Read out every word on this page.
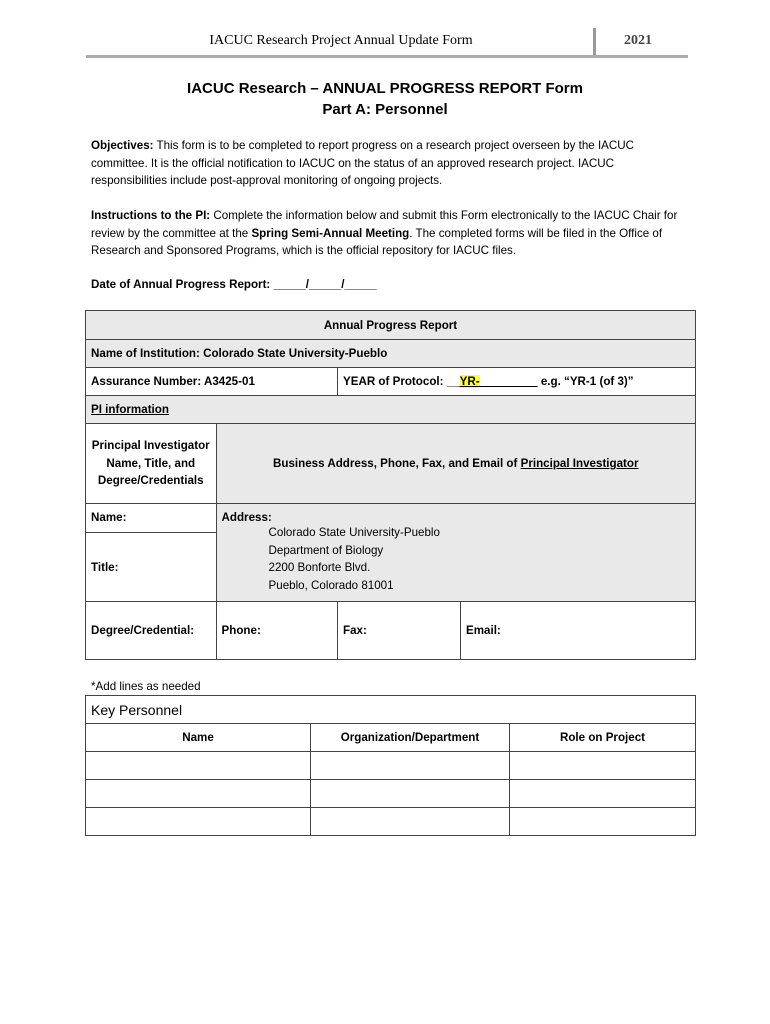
IACUC Research Project Annual Update Form	2021
IACUC Research – ANNUAL PROGRESS REPORT Form
Part A: Personnel
Objectives: This form is to be completed to report progress on a research project overseen by the IACUC committee. It is the official notification to IACUC on the status of an approved research project. IACUC responsibilities include post-approval monitoring of ongoing projects.
Instructions to the PI: Complete the information below and submit this Form electronically to the IACUC Chair for review by the committee at the Spring Semi-Annual Meeting. The completed forms will be filed in the Office of Research and Sponsored Programs, which is the official repository for IACUC files.
Date of Annual Progress Report: _____/_____/_____
Annual Progress Report			
Name of Institution: Colorado State University-Pueblo			
Assurance Number: A3425-01		YEAR of Protocol: __YR-_________ e.g. “YR-1 (of 3)”	
PI information			
Principal Investigator Name, Title, and Degree/Credentials	Business Address, Phone, Fax, and Email of Principal Investigator		
Name:	Address:
Colorado State University-Pueblo
Department of Biology
2200 Bonforte Blvd.
Pueblo, Colorado 81001		

Title:			
Degree/Credential:	Phone:	Fax:	Email:
*Add lines as needed
Key Personnel		
Name	Organization/Department	Role on Project
